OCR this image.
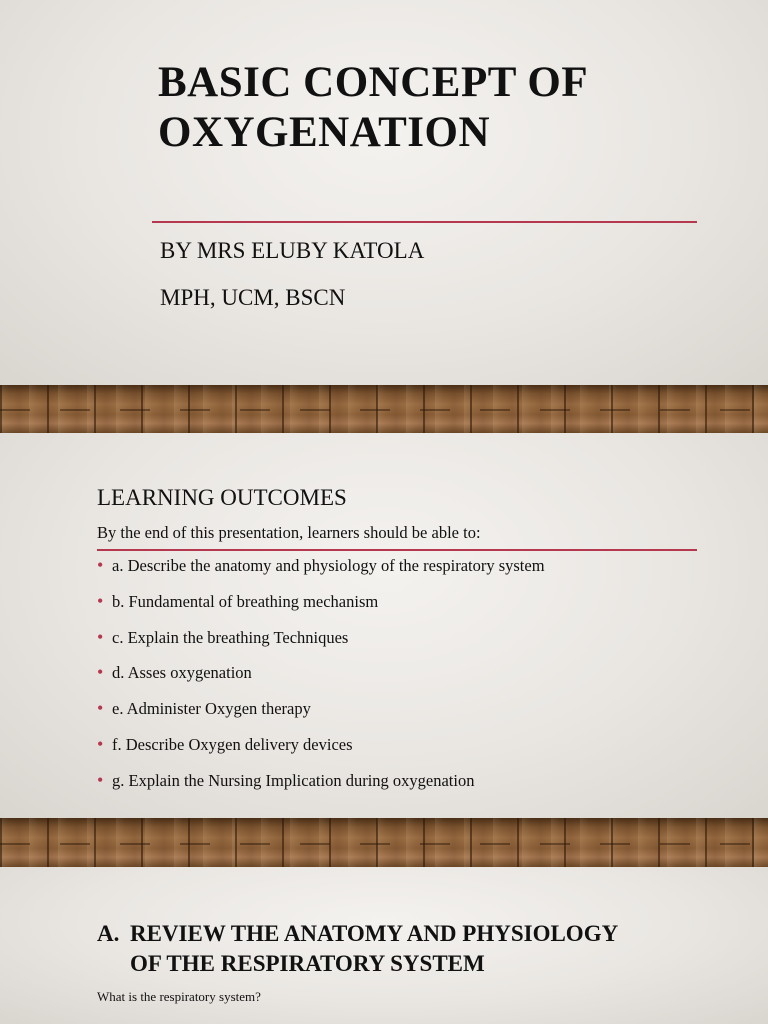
BASIC CONCEPT OF
OXYGENATION
BY MRS ELUBY KATOLA
MPH, UCM, BSCN
LEARNING OUTCOMES
By the end of this presentation, learners should be able to:
• a. Describe the anatomy and physiology of the respiratory system
• b. Fundamental of breathing mechanism
• c. Explain the breathing Techniques
• d. Asses oxygenation
• e. Administer Oxygen therapy
• f. Describe Oxygen delivery devices
• g. Explain the Nursing Implication during oxygenation
A. REVIEW THE ANATOMY AND PHYSIOLOGY
OF THE RESPIRATORY SYSTEM
What is the respiratory system?
